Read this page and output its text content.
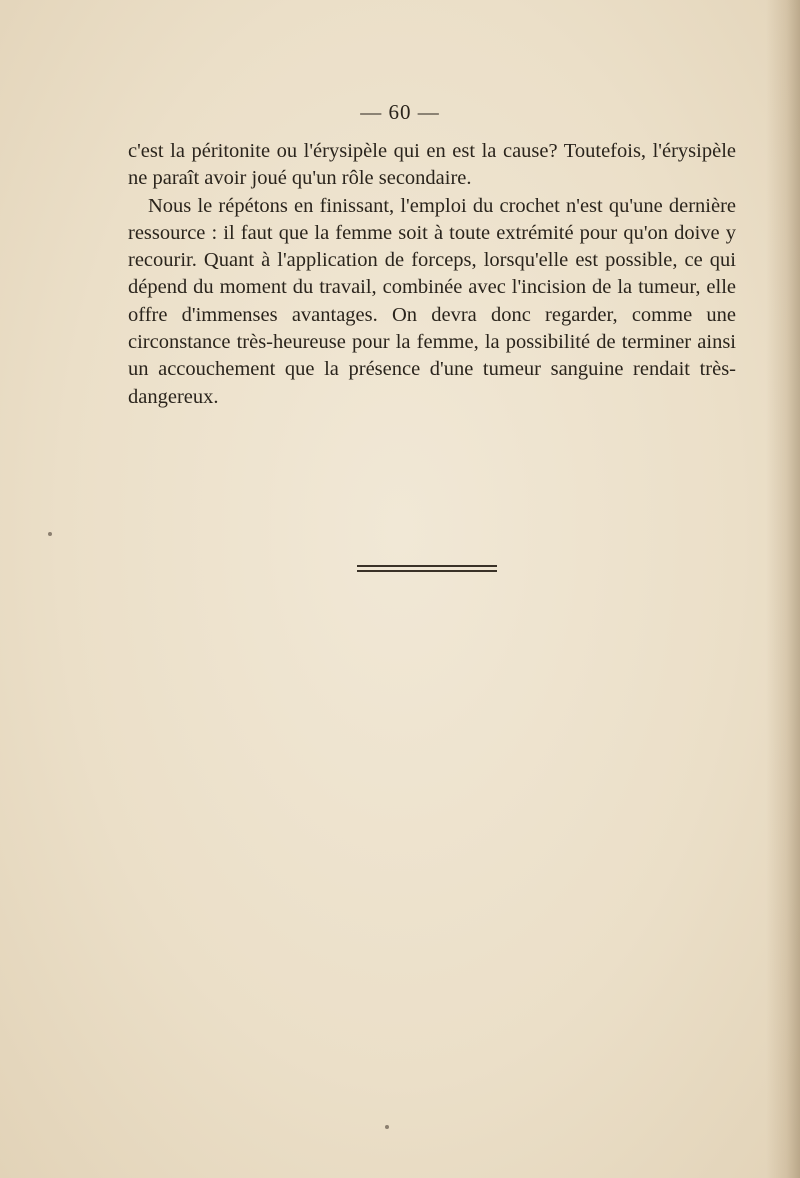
— 60 —

c'est la péritonite ou l'érysipèle qui en est la cause? Toutefois, l'érysipèle ne paraît avoir joué qu'un rôle secondaire.

Nous le répétons en finissant, l'emploi du crochet n'est qu'une dernière ressource : il faut que la femme soit à toute extrémité pour qu'on doive y recourir. Quant à l'application de forceps, lorsqu'elle est possible, ce qui dépend du moment du travail, combinée avec l'incision de la tumeur, elle offre d'immenses avantages. On devra donc regarder, comme une circonstance très-heureuse pour la femme, la possibilité de terminer ainsi un accouchement que la présence d'une tumeur sanguine rendait très-dangereux.
